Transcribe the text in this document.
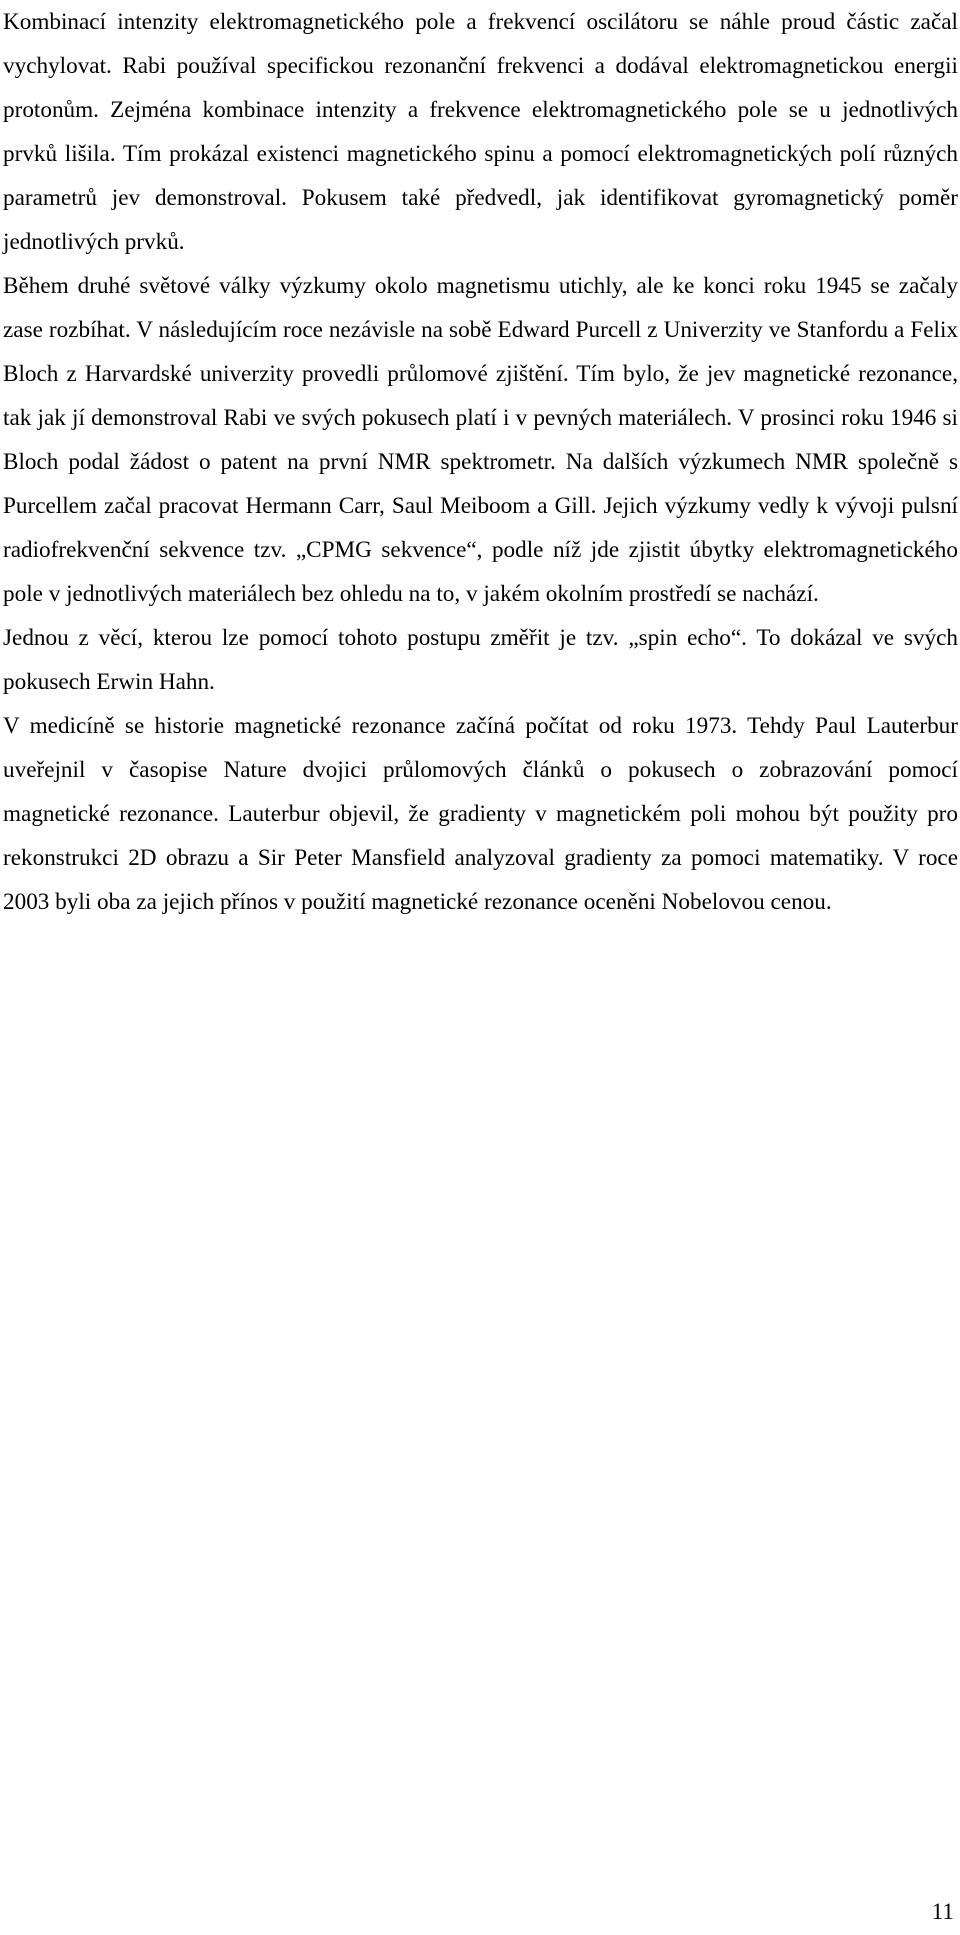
Kombinací intenzity elektromagnetického pole a frekvencí oscilátoru se náhle proud částic začal vychylovat. Rabi používal specifickou rezonanční frekvenci a dodával elektromagnetickou energii protonům. Zejména kombinace intenzity a frekvence elektromagnetického pole se u jednotlivých prvků lišila. Tím prokázal existenci magnetického spinu a pomocí elektromagnetických polí různých parametrů jev demonstroval. Pokusem také předvedl, jak identifikovat gyromagnetický poměr jednotlivých prvků.

Během druhé světové války výzkumy okolo magnetismu utichly, ale ke konci roku 1945 se začaly zase rozbíhat. V následujícím roce nezávisle na sobě Edward Purcell z Univerzity ve Stanfordu a Felix Bloch z Harvardské univerzity provedli průlomové zjištění. Tím bylo, že jev magnetické rezonance, tak jak jí demonstroval Rabi ve svých pokusech platí i v pevných materiálech. V prosinci roku 1946 si Bloch podal žádost o patent na první NMR spektrometr. Na dalších výzkumech NMR společně s Purcellem začal pracovat Hermann Carr, Saul Meiboom a Gill. Jejich výzkumy vedly k vývoji pulsní radiofrekvenční sekvence tzv. „CPMG sekvence“, podle níž jde zjistit úbytky elektromagnetického pole v jednotlivých materiálech bez ohledu na to, v jakém okolním prostředí se nachází.

Jednou z věcí, kterou lze pomocí tohoto postupu změřit je tzv. „spin echo“. To dokázal ve svých pokusech Erwin Hahn.

V medicíně se historie magnetické rezonance začíná počítat od roku 1973. Tehdy Paul Lauterbur uveřejnil v časopise Nature dvojici průlomových článků o pokusech o zobrazování pomocí magnetické rezonance. Lauterbur objevil, že gradienty v magnetickém poli mohou být použity pro rekonstrukci 2D obrazu a Sir Peter Mansfield analyzoval gradienty za pomoci matematiky. V roce 2003 byli oba za jejich přínos v použití magnetické rezonance oceněni Nobelovou cenou.

11
